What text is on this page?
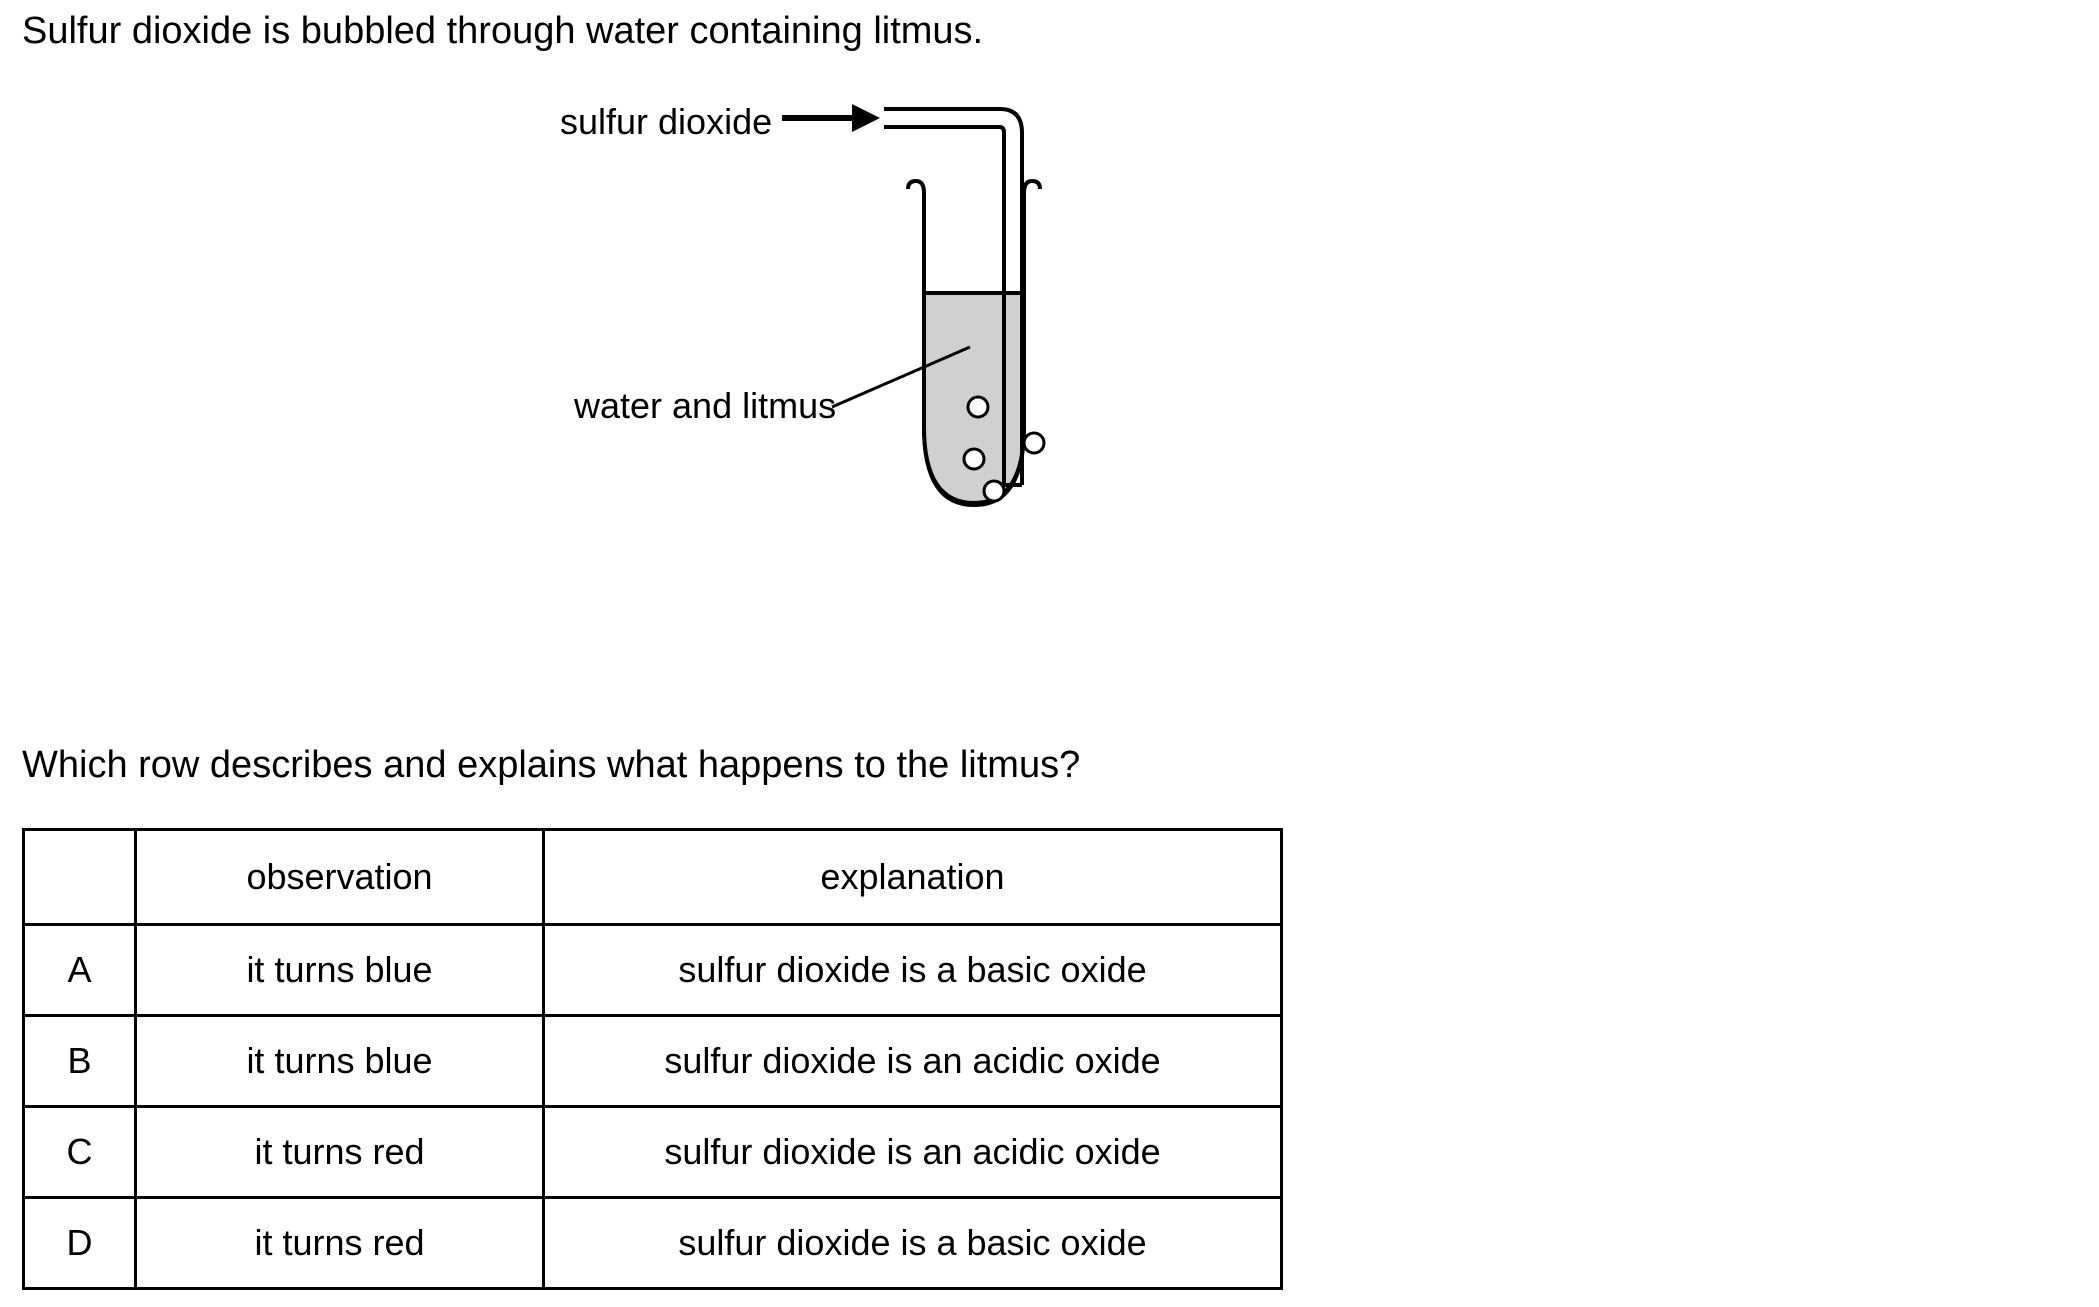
Sulfur dioxide is bubbled through water containing litmus.
sulfur dioxide
water and litmus
Which row describes and explains what happens to the litmus?
	observation	explanation
A	it turns blue	sulfur dioxide is a basic oxide
B	it turns blue	sulfur dioxide is an acidic oxide
C	it turns red	sulfur dioxide is an acidic oxide
D	it turns red	sulfur dioxide is a basic oxide
